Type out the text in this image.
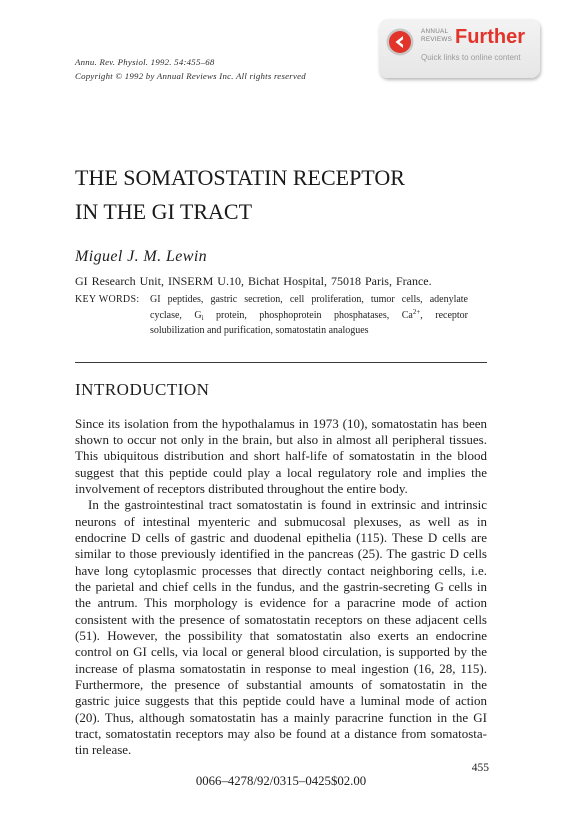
ANNUAL
REVIEWS Further
Quick links to online content
Annu. Rev. Physiol. 1992. 54:455–68
Copyright © 1992 by Annual Reviews Inc. All rights reserved
THE SOMATOSTATIN RECEPTOR
IN THE GI TRACT
Miguel J. M. Lewin
GI Research Unit, INSERM U.10, Bichat Hospital, 75018 Paris, France.
KEY WORDS: GI peptides, gastric secretion, cell proliferation, tumor cells, adenylate
cyclase, $G_i$ protein, phosphoprotein phosphatases, $Ca^{2+}$, receptor
solubilization and purification, somatostatin analogues
INTRODUCTION
Since its isolation from the hypothalamus in 1973 (10), somatostatin has been
shown to occur not only in the brain, but also in almost all peripheral tissues.
This ubiquitous distribution and short half-life of somatostatin in the blood
suggest that this peptide could play a local regulatory role and implies the
involvement of receptors distributed throughout the entire body.
In the gastrointestinal tract somatostatin is found in extrinsic and intrinsic
neurons of intestinal myenteric and submucosal plexuses, as well as in
endocrine D cells of gastric and duodenal epithelia (115). These D cells are
similar to those previously identified in the pancreas (25). The gastric D cells
have long cytoplasmic processes that directly contact neighboring cells, i.e.
the parietal and chief cells in the fundus, and the gastrin-secreting G cells in
the antrum. This morphology is evidence for a paracrine mode of action
consistent with the presence of somatostatin receptors on these adjacent cells
(51). However, the possibility that somatostatin also exerts an endocrine
control on GI cells, via local or general blood circulation, is supported by the
increase of plasma somatostatin in response to meal ingestion (16, 28, 115).
Furthermore, the presence of substantial amounts of somatostatin in the
gastric juice suggests that this peptide could have a luminal mode of action
(20). Thus, although somatostatin has a mainly paracrine function in the GI
tract, somatostatin receptors may also be found at a distance from somatosta-
tin release.
455
0066–4278/92/0315–0425$02.00
